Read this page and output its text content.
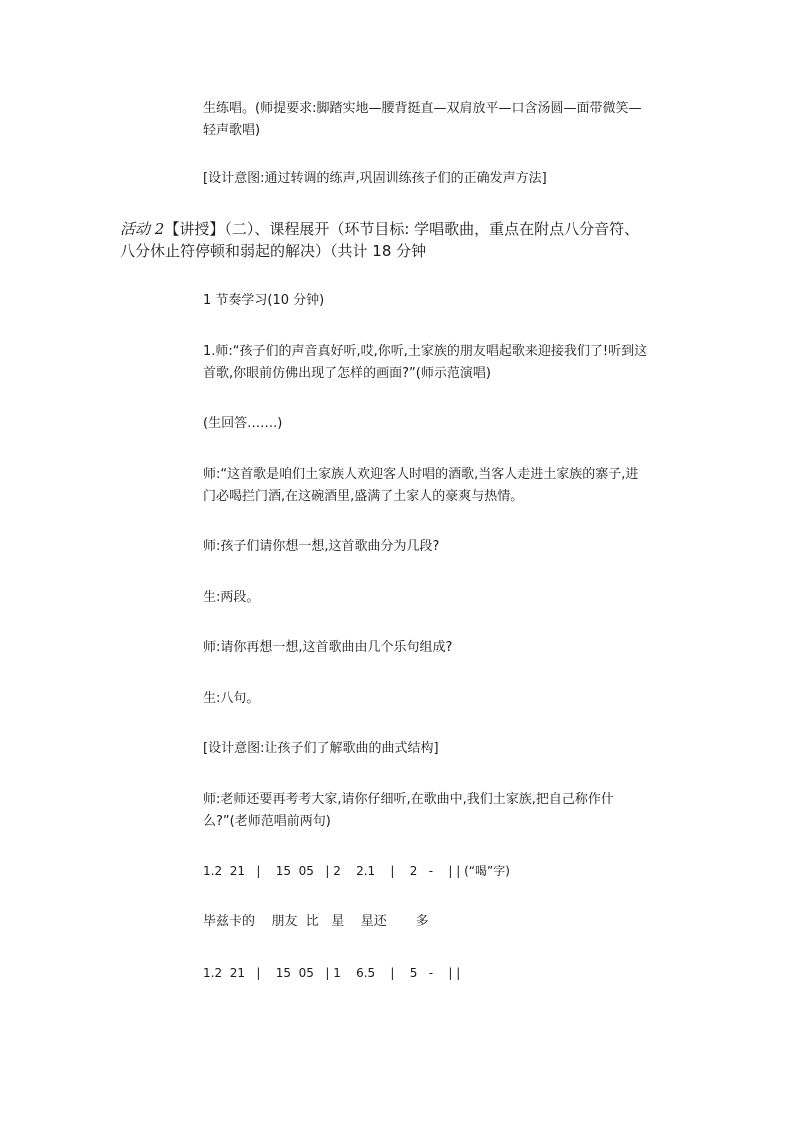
生练唱。(师提要求:脚踏实地—腰背挺直—双肩放平—口含汤圆—面带微笑—
轻声歌唱)
[设计意图:通过转调的练声,巩固训练孩子们的正确发声方法]
活动 2【讲授】（二）、课程展开（环节目标: 学唱歌曲，重点在附点八分音符、
八分休止符停顿和弱起的解决）（共计 18 分钟
1 节奏学习(10 分钟)
1.师:“孩子们的声音真好听,哎,你听,土家族的朋友唱起歌来迎接我们了!听到这
首歌,你眼前仿佛出现了怎样的画面?”(师示范演唱)
(生回答…….)
师:“这首歌是咱们土家族人欢迎客人时唱的酒歌,当客人走进土家族的寨子,进
门必喝拦门酒,在这碗酒里,盛满了土家人的豪爽与热情。
师:孩子们请你想一想,这首歌曲分为几段?
生:两段。
师:请你再想一想,这首歌曲由几个乐句组成?
生:八句。
[设计意图:让孩子们了解歌曲的曲式结构]
师:老师还要再考考大家,请你仔细听,在歌曲中,我们土家族,把自己称作什
么?”(老师范唱前两句)
1.2  21   |    15  05   | 2    2.1    |    2   -    | | (“喝”字)
毕兹卡的    朋友  比   星    星还       多
1.2  21   |    15  05   | 1    6.5    |    5   -    | |
